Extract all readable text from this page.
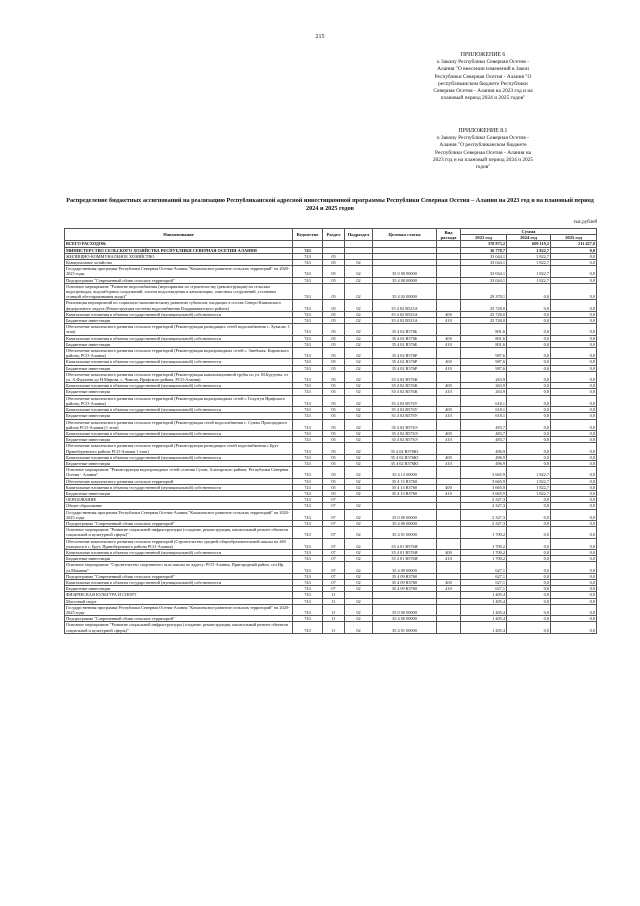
215
ПРИЛОЖЕНИЕ 6
к Закону Республики Северная Осетия -
Алания "О внесении изменений в Закон
Республики Северная Осетия - Алания "О
республиканском бюджете Республики
Северная Осетия - Алания на 2023 год и на
плановый период 2024 и 2025 годов"
ПРИЛОЖЕНИЕ 8.1
к Закону Республики Северная Осетия -
Алания "О республиканском бюджете
Республики Северная Осетия - Алания на
2023 год и на плановый период 2024 и 2025
годов"
Распределение бюджетных ассигнований на реализацию Республиканской адресной инвестиционной программы Республики Северная Осетия – Алания на 2023 год и на плановый период 2024 и 2025 годов
тыс.рублей
Наименование	Ведомство	Раздел	Подраздел	Целевая статья	Вид расхода	Сумма		
						2023 год	2024 год	2025 год
ВСЕГО РАСХОДОВ:						378 873,2	609 119,2	211 427,8
МИНИСТЕРСТВО СЕЛЬСКОГО ХОЗЯЙСТВА РЕСПУБЛИКИ СЕВЕРНАЯ ОСЕТИЯ-АЛАНИЯ	743					36 778,7	1 822,7	0,0
ЖИЛИЩНО-КОММУНАЛЬНОЕ ХОЗЯЙСТВО	743	05				33 044,1	1 822,7	0,0
Коммунальное хозяйство	743	05	02			33 044,1	1 822,7	0,0
Государственная программа Республики Северная Осетия-Алания "Комплексное развитие сельских территорий" на 2020-2025 годы	743	05	02	35 0 00 00000		33 044,1	1 822,7	0,0
Подпрограмма "Современный облик сельских территорий"	743	05	02	35 4 00 00000		33 044,1	1 822,7	0,0
Основное мероприятие "Развитие водоснабжения (мероприятия по строительству (реконструкции) на сельских водопроводах, водозаборных сооружений, систем водоотведения и канализации, очистных сооружений, установка станций обеззараживания воды)"	743	05	02	35 4 02 00000		29 378,1	0,0	0,0
Реализация мероприятий по социально-экономическому развитию субъектов, входящих в состав Северо-Кавказского федерального округа (Реконструкция системы водоснабжения Владикавказского района)	743	05	02	35 4 02 R523А		25 728,0	0,0	0,0
Капитальные вложения в объекты государственной (муниципальной) собственности	743	05	02	35 4 02 R523А	400	25 728,0	0,0	0,0
Бюджетные инвестиции	743	05	02	35 4 02 R523А	410	25 728,0	0,0	0,0
Обеспечение комплексного развития сельских территорий (Реконструкция разводящих сетей водоснабжения с. Хумалаг, 1 этап)	743	05	02	35 4 02 R576Б		801,6	0,0	0,0
Капитальные вложения в объекты государственной (муниципальной) собственности	743	05	02	35 4 02 R576Б	400	801,6	0,0	0,0
Бюджетные инвестиции	743	05	02	35 4 02 R576Б	410	801,6	0,0	0,0
Обеспечение комплексного развития сельских территорий (Реконструкция водопроводных сетей с. Змейская, Кировского района, РСО-Алания)	743	05	02	35 4 02 R576Р		987,6	0,0	0,0
Капитальные вложения в объекты государственной (муниципальной) собственности	743	05	02	35 4 02 R576Р	400	987,6	0,0	0,0
Бюджетные инвестиции	743	05	02	35 4 02 R576Р	410	987,6	0,0	0,0
Обеспечение комплексного развития сельских территорий (Реконструкция канализационной трубы по ул. М.Будтуева, от ул. А.Фадзаева до Н.Мирова, с. Чикола, Ирафского района, РСО-Алания)	743	05	02	35 4 02 R576К		263,9	0,0	0,0
Капитальные вложения в объекты государственной (муниципальной) собственности	743	05	02	35 4 02 R576К	400	263,9	0,0	0,0
Бюджетные инвестиции	743	05	02	35 4 02 R576К	410	263,9	0,0	0,0
Обеспечение комплексного развития сельских территорий (Реконструкция водопроводных сетей с.Толдзгун Ирафского района, РСО-Алания)	743	05	02	35 4 02 R576У		618,1	0,0	0,0
Капитальные вложения в объекты государственной (муниципальной) собственности	743	05	02	35 4 02 R576У	400	618,1	0,0	0,0
Бюджетные инвестиции	743	05	02	35 4 02 R576У	410	618,1	0,0	0,0
Обеспечение комплексного развития сельских территорий (Реконструкция сетей водоснабжения с. Сунжа Пригородного района РСО-Алания (1 этап)	743	05	02	35 4 02 R576Э		483,7	0,0	0,0
Капитальные вложения в объекты государственной (муниципальной) собственности	743	05	02	35 4 02 R576Э	400	483,7	0,0	0,0
Бюджетные инвестиции	743	05	02	35 4 02 R576Э	410	483,7	0,0	0,0
Обеспечение комплексного развития сельских территорий (Реконструкция разводящих сетей водоснабжения с.Брут Правобережного района РСО-Алания 1 этап)	743	05	02	35 4 02 R576Ю		496,9	0,0	0,0
Капитальные вложения в объекты государственной (муниципальной) собственности	743	05	02	35 4 02 R576Ю	400	496,9	0,0	0,0
Бюджетные инвестиции	743	05	02	35 4 02 R576Ю	410	496,9	0,0	0,0
Основное мероприятие "Реконструкция водопроводных сетей селения Сухан, Алагирского района, Республики Северная Осетия - Алания"	743	05	02	35 4 13 00000		3 665,9	1 822,7	0,0
Обеспечение комплексного развития сельских территорий	743	05	02	35 4 13 R5760		3 665,9	1 822,7	0,0
Капитальные вложения в объекты государственной (муниципальной) собственности	743	05	02	35 4 13 R5760	400	3 665,9	1 822,7	0,0
Бюджетные инвестиции	743	05	02	35 4 13 R5760	410	3 665,9	1 822,7	0,0
ОБРАЗОВАНИЕ	743	07				2 327,3	0,0	0,0
Общее образование	743	07	02			2 327,3	0,0	0,0
Государственная программа Республики Северная Осетия-Алания "Комплексное развитие сельских территорий" на 2020-2025 годы	743	07	02	35 0 00 00000		2 327,3	0,0	0,0
Подпрограмма "Современный облик сельских территорий"	743	07	02	35 4 00 00000		2 327,3	0,0	0,0
Основное мероприятие "Развитие социальной инфраструктуры (создание, реконструкция, капитальный ремонт объектов социальной и культурной сферы)"	743	07	02	35 4 01 00000		1 700,2	0,0	0,0
Обеспечение комплексного развития сельских территорий (Строительство средней общеобразовательной школы на 260 учащихся в с. Брут, Правобережного района РСО-Алания)	743	07	02	35 4 01 R576Я		1 700,2	0,0	0,0
Капитальные вложения в объекты государственной (муниципальной) собственности	743	07	02	35 4 01 R576Я	400	1 700,2	0,0	0,0
Бюджетные инвестиции	743	07	02	35 4 01 R576Я	410	1 700,2	0,0	0,0
Основное мероприятие "Строительство спортивного зала школы по адресу: РСО-Алания, Пригородный район, сел.Ир, ул.Мамаева"	743	07	02	35 4 09 00000		627,1	0,0	0,0
Подпрограмма "Современный облик сельских территорий"	743	07	02	35 4 09 R5760		627,1	0,0	0,0
Капитальные вложения в объекты государственной (муниципальной) собственности	743	07	02	35 4 09 R5760	400	627,1	0,0	0,0
Бюджетные инвестиции	743	07	02	35 4 09 R5760	410	627,1	0,0	0,0
ФИЗИЧЕСКАЯ КУЛЬТУРА И СПОРТ	743	11				1 405,4	0,0	0,0
Массовый спорт	743	11	02			1 405,4	0,0	0,0
Государственная программа Республики Северная Осетия-Алания "Комплексное развитие сельских территорий" на 2020-2025 годы	743	11	02	35 0 00 00000		1 405,4	0,0	0,0
Подпрограмма "Современный облик сельских территорий"	743	11	02	35 4 00 00000		1 405,4	0,0	0,0
Основное мероприятие "Развитие социальной инфраструктуры (создание, реконструкция, капитальный ремонт объектов социальной и культурной сферы)"	743	11	02	35 4 01 00000		1 405,4	0,0	0,0
